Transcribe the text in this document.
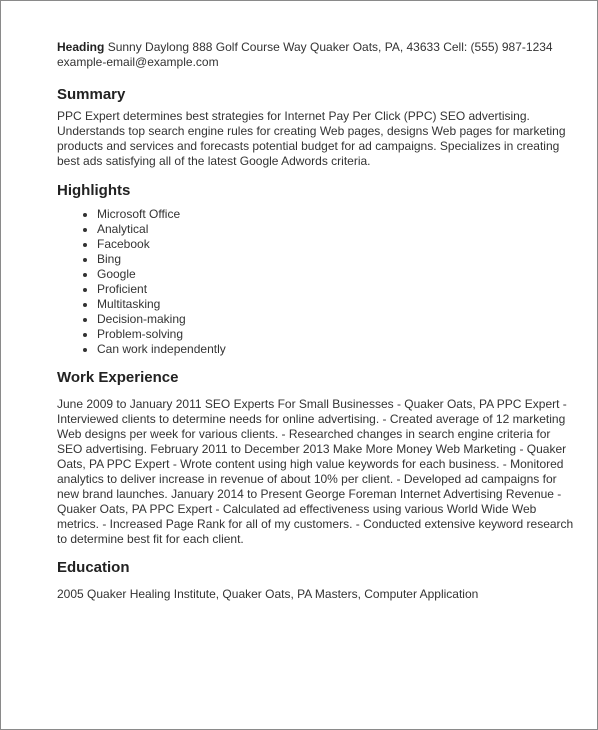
Heading Sunny Daylong 888 Golf Course Way Quaker Oats, PA, 43633 Cell: (555) 987-1234

example-email@example.com

Summary

PPC Expert determines best strategies for Internet Pay Per Click (PPC) SEO advertising. Understands top search engine rules for creating Web pages, designs Web pages for marketing products and services and forecasts potential budget for ad campaigns. Specializes in creating best ads satisfying all of the latest Google Adwords criteria.

Highlights
Microsoft Office
Analytical
Facebook
Bing
Google
Proficient
Multitasking
Decision-making
Problem-solving
Can work independently
Work Experience

June 2009 to January 2011 SEO Experts For Small Businesses - Quaker Oats, PA PPC Expert - Interviewed clients to determine needs for online advertising. - Created average of 12 marketing Web designs per week for various clients. - Researched changes in search engine criteria for SEO advertising. February 2011 to December 2013 Make More Money Web Marketing - Quaker Oats, PA PPC Expert - Wrote content using high value keywords for each business. - Monitored analytics to deliver increase in revenue of about 10% per client. - Developed ad campaigns for new brand launches. January 2014 to Present George Foreman Internet Advertising Revenue - Quaker Oats, PA PPC Expert - Calculated ad effectiveness using various World Wide Web metrics. - Increased Page Rank for all of my customers. - Conducted extensive keyword research to determine best fit for each client.

Education

2005 Quaker Healing Institute, Quaker Oats, PA Masters, Computer Application
